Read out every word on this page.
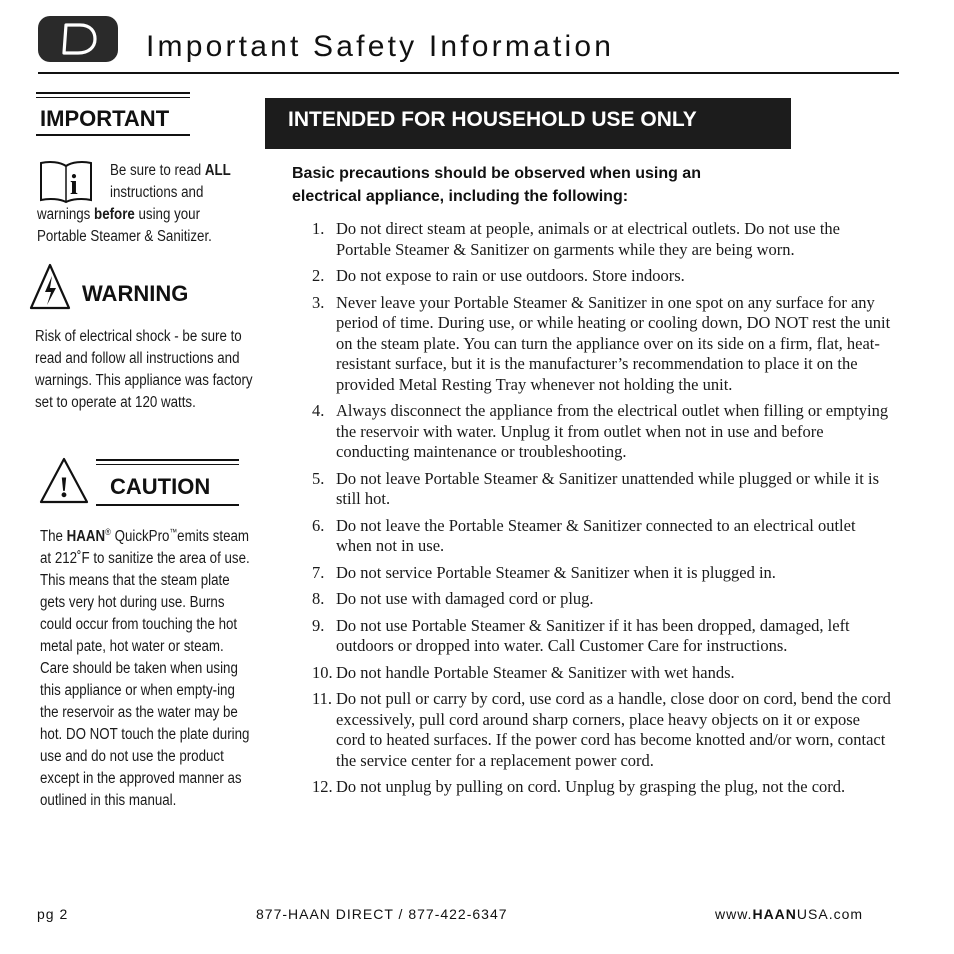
Important Safety Information
IMPORTANT
i Be sure to read ALL
instructions and
warnings before using your Portable Steamer & Sanitizer.
WARNING
Risk of electrical shock - be sure to read and follow all instructions and warnings. This appliance was factory set to operate at 120 watts.
! CAUTION
The HAAN® QuickPro™emits steam at 212˚F to sanitize the area of use. This means that the steam plate gets very hot during use. Burns could occur from touching the hot metal pate, hot water or steam. Care should be taken when using this appliance or when empty-ing the reservoir as the water may be hot. DO NOT touch the plate during use and do not use the product except in the approved manner as outlined in this manual.
INTENDED FOR HOUSEHOLD USE ONLY
Basic precautions should be observed when using an electrical appliance, including the following:
1. Do not direct steam at people, animals or at electrical outlets. Do not use the Portable Steamer & Sanitizer on garments while they are being worn.
2. Do not expose to rain or use outdoors. Store indoors.
3. Never leave your Portable Steamer & Sanitizer in one spot on any surface for any period of time. During use, or while heating or cooling down, DO NOT rest the unit on the steam plate. You can turn the appliance over on its side on a firm, flat, heat-resistant surface, but it is the manufacturer’s recommendation to place it on the provided Metal Resting Tray whenever not holding the unit.
4. Always disconnect the appliance from the electrical outlet when filling or emptying the reservoir with water. Unplug it from outlet when not in use and before conducting maintenance or troubleshooting.
5. Do not leave Portable Steamer & Sanitizer unattended while plugged or while it is still hot.
6. Do not leave the Portable Steamer & Sanitizer connected to an electrical outlet when not in use.
7. Do not service Portable Steamer & Sanitizer when it is plugged in.
8. Do not use with damaged cord or plug.
9. Do not use Portable Steamer & Sanitizer if it has been dropped, damaged, left outdoors or dropped into water. Call Customer Care for instructions.
10. Do not handle Portable Steamer & Sanitizer with wet hands.
11. Do not pull or carry by cord, use cord as a handle, close door on cord, bend the cord excessively, pull cord around sharp corners, place heavy objects on it or expose cord to heated surfaces. If the power cord has become knotted and/or worn, contact the service center for a replacement power cord.
12. Do not unplug by pulling on cord. Unplug by grasping the plug, not the cord.
pg 2	877-HAAN DIRECT / 877-422-6347	www.HAANUSA.com
